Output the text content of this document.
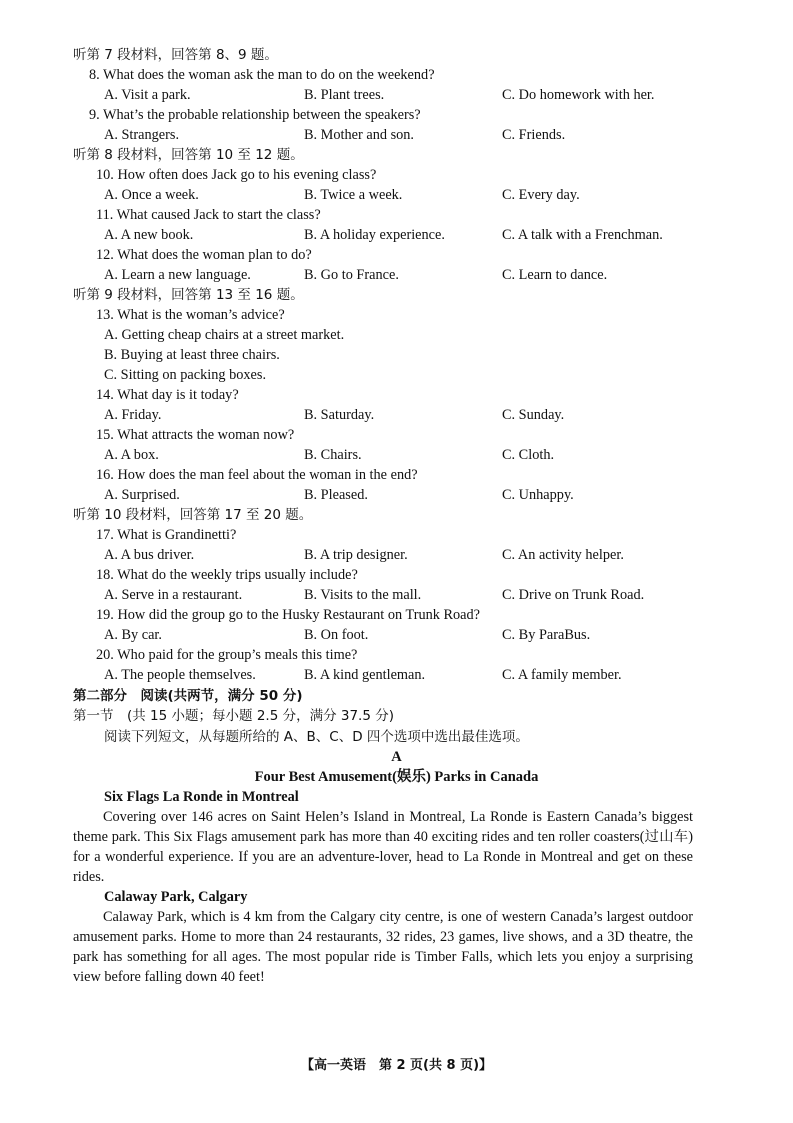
听第 7 段材料，回答第 8、9 题。
8. What does the woman ask the man to do on the weekend?
A. Visit a park.	B. Plant trees.	C. Do homework with her.
9. What’s the probable relationship between the speakers?
A. Strangers.	B. Mother and son.	C. Friends.
听第 8 段材料，回答第 10 至 12 题。
10. How often does Jack go to his evening class?
A. Once a week.	B. Twice a week.	C. Every day.
11. What caused Jack to start the class?
A. A new book.	B. A holiday experience.	C. A talk with a Frenchman.
12. What does the woman plan to do?
A. Learn a new language.	B. Go to France.	C. Learn to dance.
听第 9 段材料，回答第 13 至 16 题。
13. What is the woman’s advice?
A. Getting cheap chairs at a street market.
B. Buying at least three chairs.
C. Sitting on packing boxes.
14. What day is it today?
A. Friday.	B. Saturday.	C. Sunday.
15. What attracts the woman now?
A. A box.	B. Chairs.	C. Cloth.
16. How does the man feel about the woman in the end?
A. Surprised.	B. Pleased.	C. Unhappy.
听第 10 段材料，回答第 17 至 20 题。
17. What is Grandinetti?
A. A bus driver.	B. A trip designer.	C. An activity helper.
18. What do the weekly trips usually include?
A. Serve in a restaurant.	B. Visits to the mall.	C. Drive on Trunk Road.
19. How did the group go to the Husky Restaurant on Trunk Road?
A. By car.	B. On foot.	C. By ParaBus.
20. Who paid for the group’s meals this time?
A. The people themselves.	B. A kind gentleman.	C. A family member.
第二部分　阅读(共两节，满分 50 分)
第一节　(共 15 小题；每小题 2.5 分，满分 37.5 分)
阅读下列短文，从每题所给的 A、B、C、D 四个选项中选出最佳选项。
A
Four Best Amusement(娱乐) Parks in Canada
Six Flags La Ronde in Montreal

Covering over 146 acres on Saint Helen’s Island in Montreal, La Ronde is Eastern Canada’s biggest theme park. This Six Flags amusement park has more than 40 exciting rides and ten roller coasters(过山车) for a wonderful experience. If you are an adventure-lover, head to La Ronde in Montreal and get on these rides.

Calaway Park, Calgary

Calaway Park, which is 4 km from the Calgary city centre, is one of western Canada’s largest outdoor amusement parks. Home to more than 24 restaurants, 32 rides, 23 games, live shows, and a 3D theatre, the park has something for all ages. The most popular ride is Timber Falls, which lets you enjoy a surprising view before falling down 40 feet!

【高一英语　第 2 页(共 8 页)】
